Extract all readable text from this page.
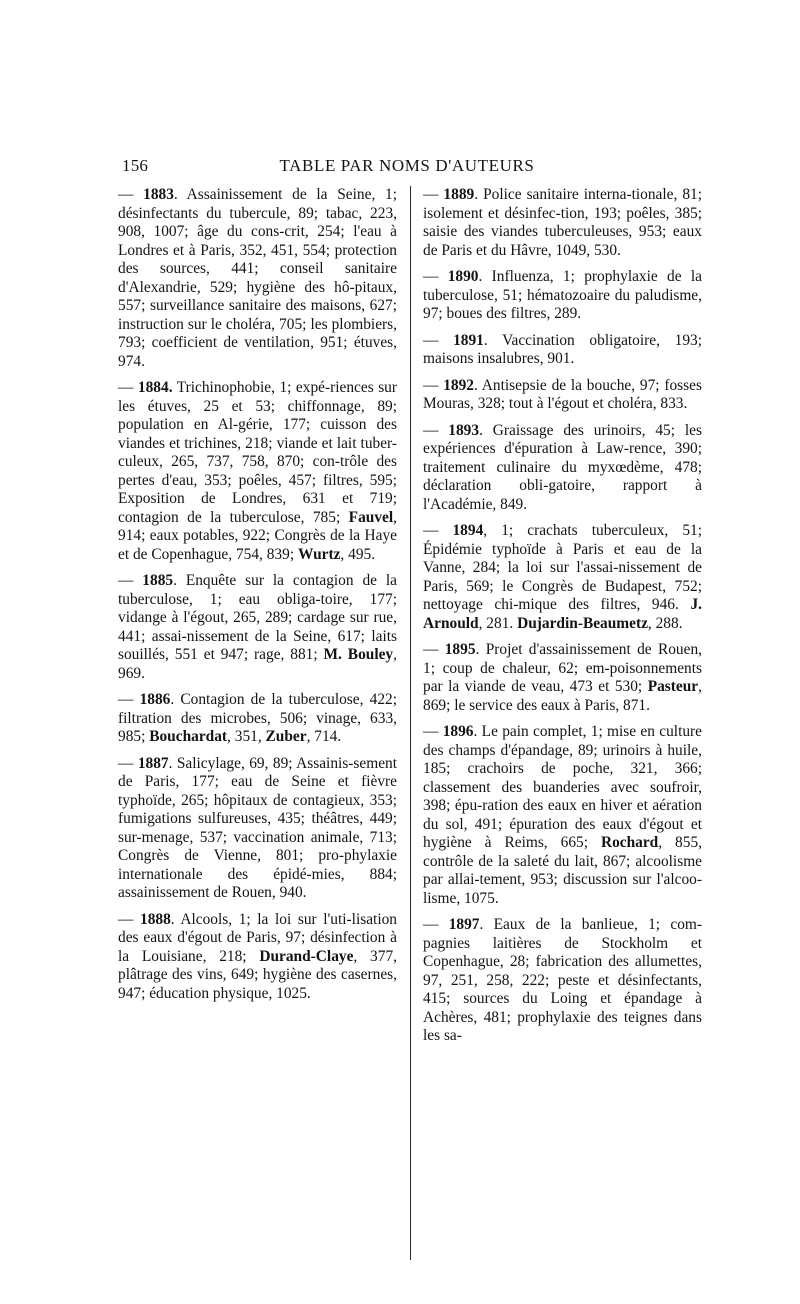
156	TABLE PAR NOMS D'AUTEURS

— 1883. Assainissement de la Seine, 1; désinfectants du tubercule, 89; tabac, 223, 908, 1007; âge du cons-crit, 254; l'eau à Londres et à Paris, 352, 451, 554; protection des sources, 441; conseil sanitaire d'Alexandrie, 529; hygiène des hô-pitaux, 557; surveillance sanitaire des maisons, 627; instruction sur le choléra, 705; les plombiers, 793; coefficient de ventilation, 951; étuves, 974.

— 1884. Trichinophobie, 1; expé-riences sur les étuves, 25 et 53; chiffonnage, 89; population en Al-gérie, 177; cuisson des viandes et trichines, 218; viande et lait tuber-culeux, 265, 737, 758, 870; con-trôle des pertes d'eau, 353; poêles, 457; filtres, 595; Exposition de Londres, 631 et 719; contagion de la tuberculose, 785; Fauvel, 914; eaux potables, 922; Congrès de la Haye et de Copenhague, 754, 839; Wurtz, 495.

— 1885. Enquête sur la contagion de la tuberculose, 1; eau obliga-toire, 177; vidange à l'égout, 265, 289; cardage sur rue, 441; assai-nissement de la Seine, 617; laits souillés, 551 et 947; rage, 881; M. Bouley, 969.

— 1886. Contagion de la tuberculose, 422; filtration des microbes, 506; vinage, 633, 985; Bouchardat, 351, Zuber, 714.

— 1887. Salicylage, 69, 89; Assainis-sement de Paris, 177; eau de Seine et fièvre typhoïde, 265; hôpitaux de contagieux, 353; fumigations sulfureuses, 435; théâtres, 449; sur-menage, 537; vaccination animale, 713; Congrès de Vienne, 801; pro-phylaxie internationale des épidé-mies, 884; assainissement de Rouen, 940.

— 1888. Alcools, 1; la loi sur l'uti-lisation des eaux d'égout de Paris, 97; désinfection à la Louisiane, 218; Durand-Claye, 377, plâtrage des vins, 649; hygiène des casernes, 947; éducation physique, 1025.

— 1889. Police sanitaire interna-tionale, 81; isolement et désinfec-tion, 193; poêles, 385; saisie des viandes tuberculeuses, 953; eaux de Paris et du Hâvre, 1049, 530.

— 1890. Influenza, 1; prophylaxie de la tuberculose, 51; hématozoaire du paludisme, 97; boues des filtres, 289.

— 1891. Vaccination obligatoire, 193; maisons insalubres, 901.

— 1892. Antisepsie de la bouche, 97; fosses Mouras, 328; tout à l'égout et choléra, 833.

— 1893. Graissage des urinoirs, 45; les expériences d'épuration à Law-rence, 390; traitement culinaire du myxœdème, 478; déclaration obli-gatoire, rapport à l'Académie, 849.

— 1894, 1; crachats tuberculeux, 51; Épidémie typhoïde à Paris et eau de la Vanne, 284; la loi sur l'assai-nissement de Paris, 569; le Congrès de Budapest, 752; nettoyage chi-mique des filtres, 946. J. Arnould, 281. Dujardin-Beaumetz, 288.

— 1895. Projet d'assainissement de Rouen, 1; coup de chaleur, 62; em-poisonnements par la viande de veau, 473 et 530; Pasteur, 869; le service des eaux à Paris, 871.

— 1896. Le pain complet, 1; mise en culture des champs d'épandage, 89; urinoirs à huile, 185; crachoirs de poche, 321, 366; classement des buanderies avec soufroir, 398; épu-ration des eaux en hiver et aération du sol, 491; épuration des eaux d'égout et hygiène à Reims, 665; Rochard, 855, contrôle de la saleté du lait, 867; alcoolisme par allai-tement, 953; discussion sur l'alcoo-lisme, 1075.

— 1897. Eaux de la banlieue, 1; com-pagnies laitières de Stockholm et Copenhague, 28; fabrication des allumettes, 97, 251, 258, 222; peste et désinfectants, 415; sources du Loing et épandage à Achères, 481; prophylaxie des teignes dans les sa-
